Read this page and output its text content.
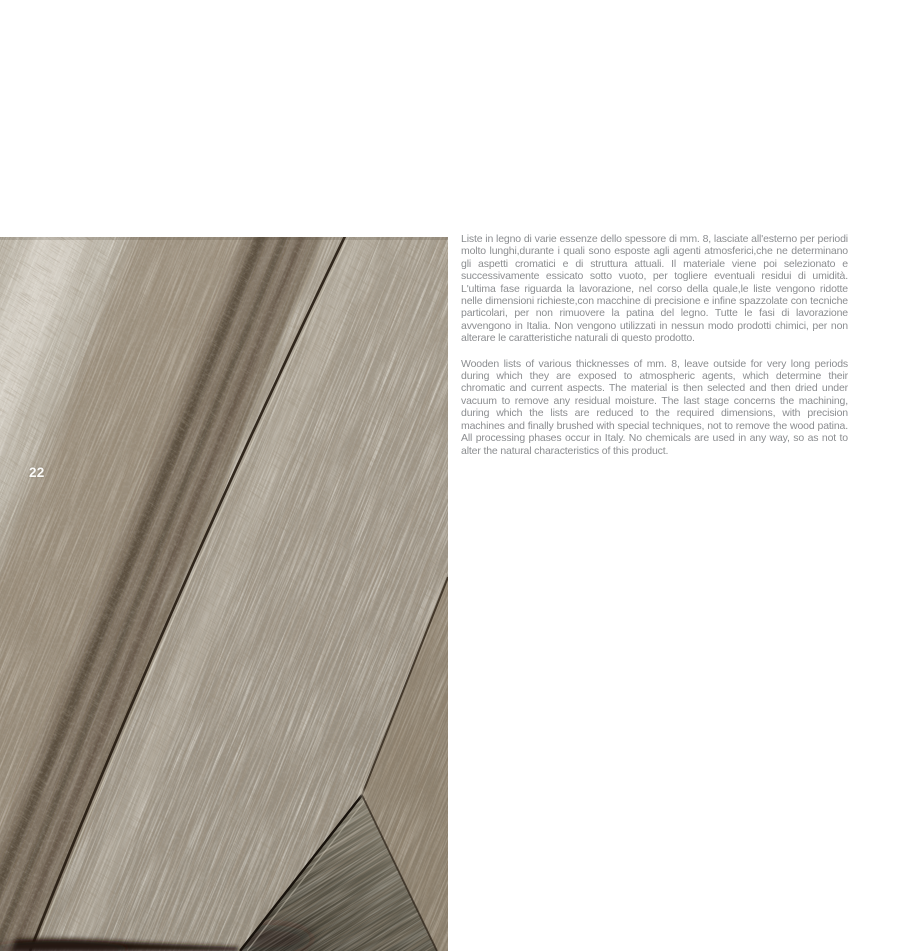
22

Liste in legno di varie essenze dello spessore di mm. 8, lasciate all'esterno per periodi molto lunghi,durante i quali sono esposte agli agenti atmosferici,che ne determinano gli aspetti cromatici e di struttura attuali. Il materiale viene poi selezionato e successivamente essicato sotto vuoto, per togliere eventuali residui di umidità. L'ultima fase riguarda la lavorazione, nel corso della quale,le liste vengono ridotte nelle dimensioni richieste,con macchine di precisione e infine spazzolate con tecniche particolari, per non rimuovere la patina del legno. Tutte le fasi di lavorazione avvengono in Italia. Non vengono utilizzati in nessun modo prodotti chimici, per non alterare le caratteristiche naturali di questo prodotto.

Wooden lists of various thicknesses of mm. 8, leave outside for very long periods during which they are exposed to atmospheric agents, which determine their chromatic and current aspects. The material is then selected and then dried under vacuum to remove any residual moisture. The last stage concerns the machining, during which the lists are reduced to the required dimensions, with precision machines and finally brushed with special techniques, not to remove the wood patina. All processing phases occur in Italy. No chemicals are used in any way, so as not to alter the natural characteristics of this product.
